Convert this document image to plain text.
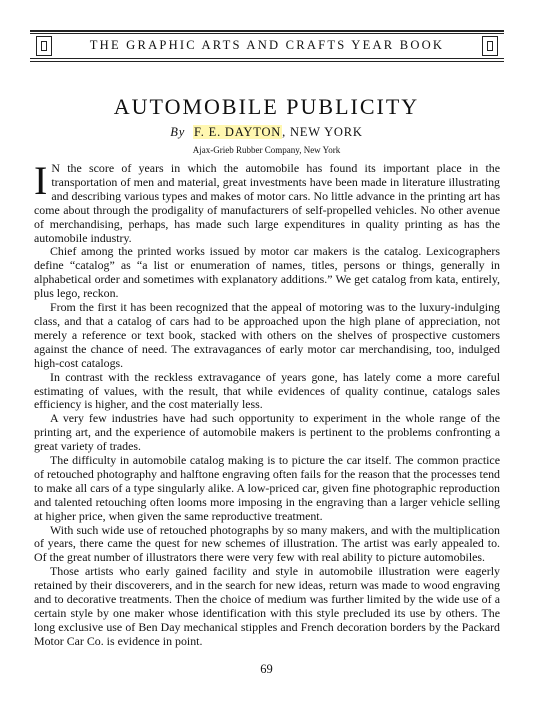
THE GRAPHIC ARTS AND CRAFTS YEAR BOOK
AUTOMOBILE PUBLICITY
By F. E. DAYTON, NEW YORK
Ajax-Grieb Rubber Company, New York

I N the score of years in which the automobile has found its important place in the transportation of men and material, great investments have been made in literature illustrating and describing various types and makes of motor cars. No little advance in the printing art has come about through the prodigality of manufacturers of self-propelled vehicles. No other avenue of merchandising, perhaps, has made such large expenditures in quality printing as has the automobile industry.

Chief among the printed works issued by motor car makers is the catalog. Lexicographers define “catalog” as “a list or enumeration of names, titles, persons or things, generally in alphabetical order and sometimes with explanatory additions.” We get catalog from kata, entirely, plus lego, reckon.

From the first it has been recognized that the appeal of motoring was to the luxury-indulging class, and that a catalog of cars had to be approached upon the high plane of appreciation, not merely a reference or text book, stacked with others on the shelves of prospective customers against the chance of need. The extravagances of early motor car merchandising, too, indulged high-cost catalogs.

In contrast with the reckless extravagance of years gone, has lately come a more careful estimating of values, with the result, that while evidences of quality continue, catalogs sales efficiency is higher, and the cost materially less.

A very few industries have had such opportunity to experiment in the whole range of the printing art, and the experience of automobile makers is pertinent to the problems confronting a great variety of trades.

The difficulty in automobile catalog making is to picture the car itself. The common practice of retouched photography and halftone engraving often fails for the reason that the processes tend to make all cars of a type singularly alike. A low-priced car, given fine photographic reproduction and talented retouching often looms more imposing in the engraving than a larger vehicle selling at higher price, when given the same reproductive treatment.

With such wide use of retouched photographs by so many makers, and with the multiplication of years, there came the quest for new schemes of illustration. The artist was early appealed to. Of the great number of illustrators there were very few with real ability to picture automobiles.

Those artists who early gained facility and style in automobile illustration were eagerly retained by their discoverers, and in the search for new ideas, return was made to wood engraving and to decorative treatments. Then the choice of medium was further limited by the wide use of a certain style by one maker whose identification with this style precluded its use by others. The long exclusive use of Ben Day mechanical stipples and French decoration borders by the Packard Motor Car Co. is evidence in point.

69
